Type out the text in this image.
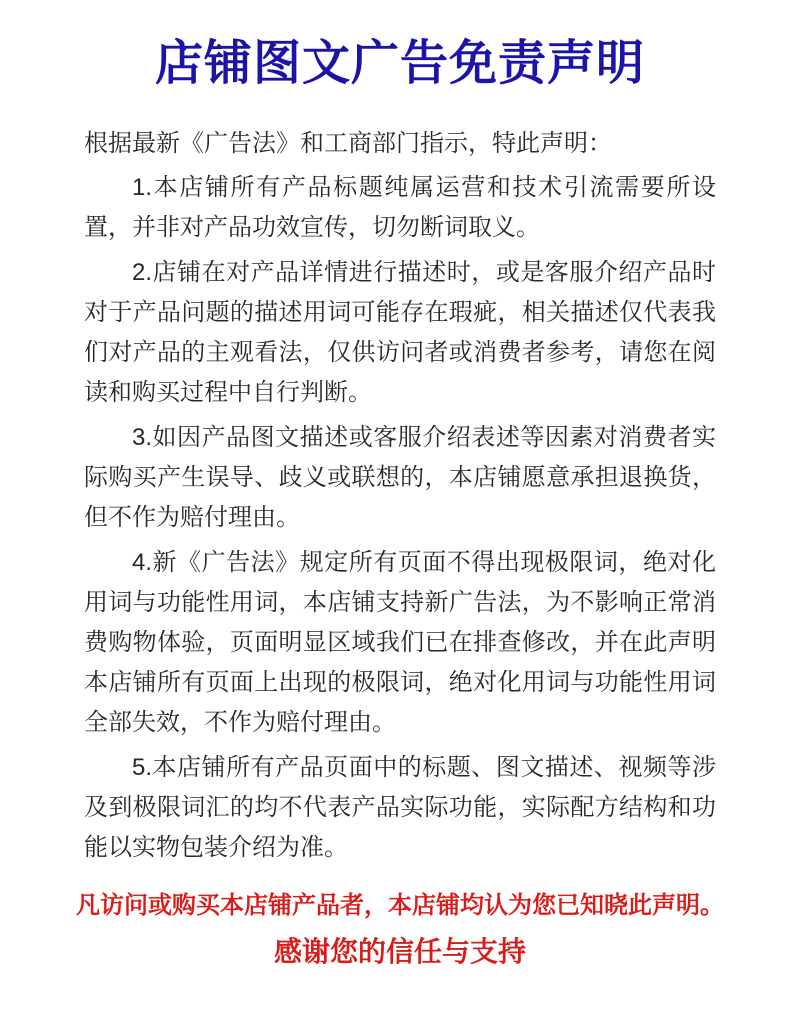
店铺图文广告免责声明

根据最新《广告法》和工商部门指示，特此声明：

1.本店铺所有产品标题纯属运营和技术引流需要所设置，并非对产品功效宣传，切勿断词取义。

2.店铺在对产品详情进行描述时，或是客服介绍产品时对于产品问题的描述用词可能存在瑕疵，相关描述仅代表我们对产品的主观看法，仅供访问者或消费者参考，请您在阅读和购买过程中自行判断。

3.如因产品图文描述或客服介绍表述等因素对消费者实际购买产生误导、歧义或联想的，本店铺愿意承担退换货，但不作为赔付理由。

4.新《广告法》规定所有页面不得出现极限词，绝对化用词与功能性用词，本店铺支持新广告法，为不影响正常消费购物体验，页面明显区域我们已在排查修改，并在此声明本店铺所有页面上出现的极限词，绝对化用词与功能性用词全部失效，不作为赔付理由。

5.本店铺所有产品页面中的标题、图文描述、视频等涉及到极限词汇的均不代表产品实际功能，实际配方结构和功能以实物包装介绍为准。

凡访问或购买本店铺产品者，本店铺均认为您已知晓此声明。

感谢您的信任与支持
